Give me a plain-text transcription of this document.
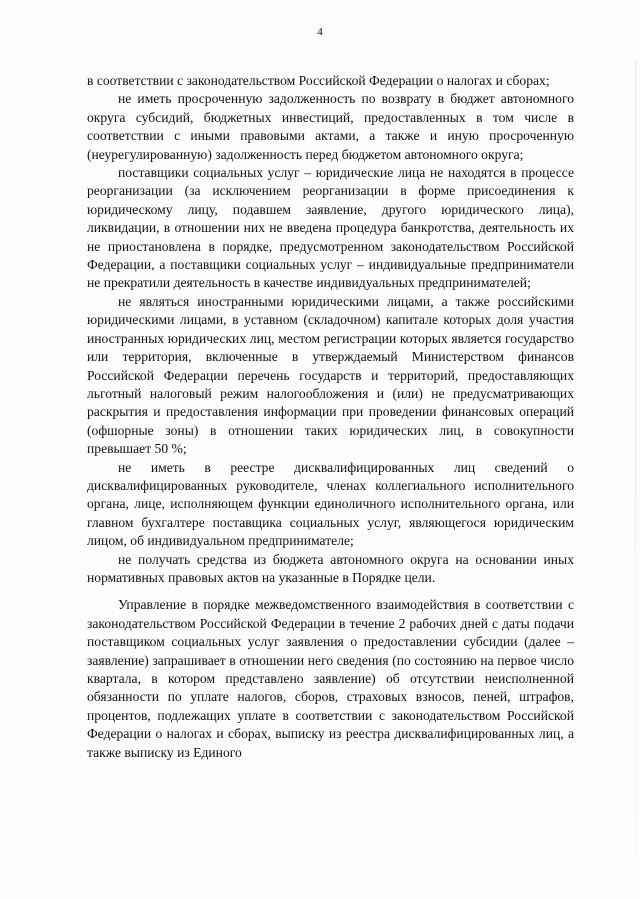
4

в соответствии с законодательством Российской Федерации о налогах и сборах;

не иметь просроченную задолженность по возврату в бюджет автономного округа субсидий, бюджетных инвестиций, предоставленных в том числе в соответствии с иными правовыми актами, а также и иную просроченную (неурегулированную) задолженность перед бюджетом автономного округа;

поставщики социальных услуг – юридические лица не находятся в процессе реорганизации (за исключением реорганизации в форме присоединения к юридическому лицу, подавшем заявление, другого юридического лица), ликвидации, в отношении них не введена процедура банкротства, деятельность их не приостановлена в порядке, предусмотренном законодательством Российской Федерации, а поставщики социальных услуг – индивидуальные предприниматели не прекратили деятельность в качестве индивидуальных предпринимателей;

не являться иностранными юридическими лицами, а также российскими юридическими лицами, в уставном (складочном) капитале которых доля участия иностранных юридических лиц, местом регистрации которых является государство или территория, включенные в утверждаемый Министерством финансов Российской Федерации перечень государств и территорий, предоставляющих льготный налоговый режим налогообложения и (или) не предусматривающих раскрытия и предоставления информации при проведении финансовых операций (офшорные зоны) в отношении таких юридических лиц, в совокупности превышает 50 %;

не иметь в реестре дисквалифицированных лиц сведений о дисквалифицированных руководителе, членах коллегиального исполнительного органа, лице, исполняющем функции единоличного исполнительного органа, или главном бухгалтере поставщика социальных услуг, являющегося юридическим лицом, об индивидуальном предпринимателе;

не получать средства из бюджета автономного округа на основании иных нормативных правовых актов на указанные в Порядке цели.

Управление в порядке межведомственного взаимодействия в соответствии с законодательством Российской Федерации в течение 2 рабочих дней с даты подачи поставщиком социальных услуг заявления о предоставлении субсидии (далее – заявление) запрашивает в отношении него сведения (по состоянию на первое число квартала, в котором представлено заявление) об отсутствии неисполненной обязанности по уплате налогов, сборов, страховых взносов, пеней, штрафов, процентов, подлежащих уплате в соответствии с законодательством Российской Федерации о налогах и сборах, выписку из реестра дисквалифицированных лиц, а также выписку из Единого
